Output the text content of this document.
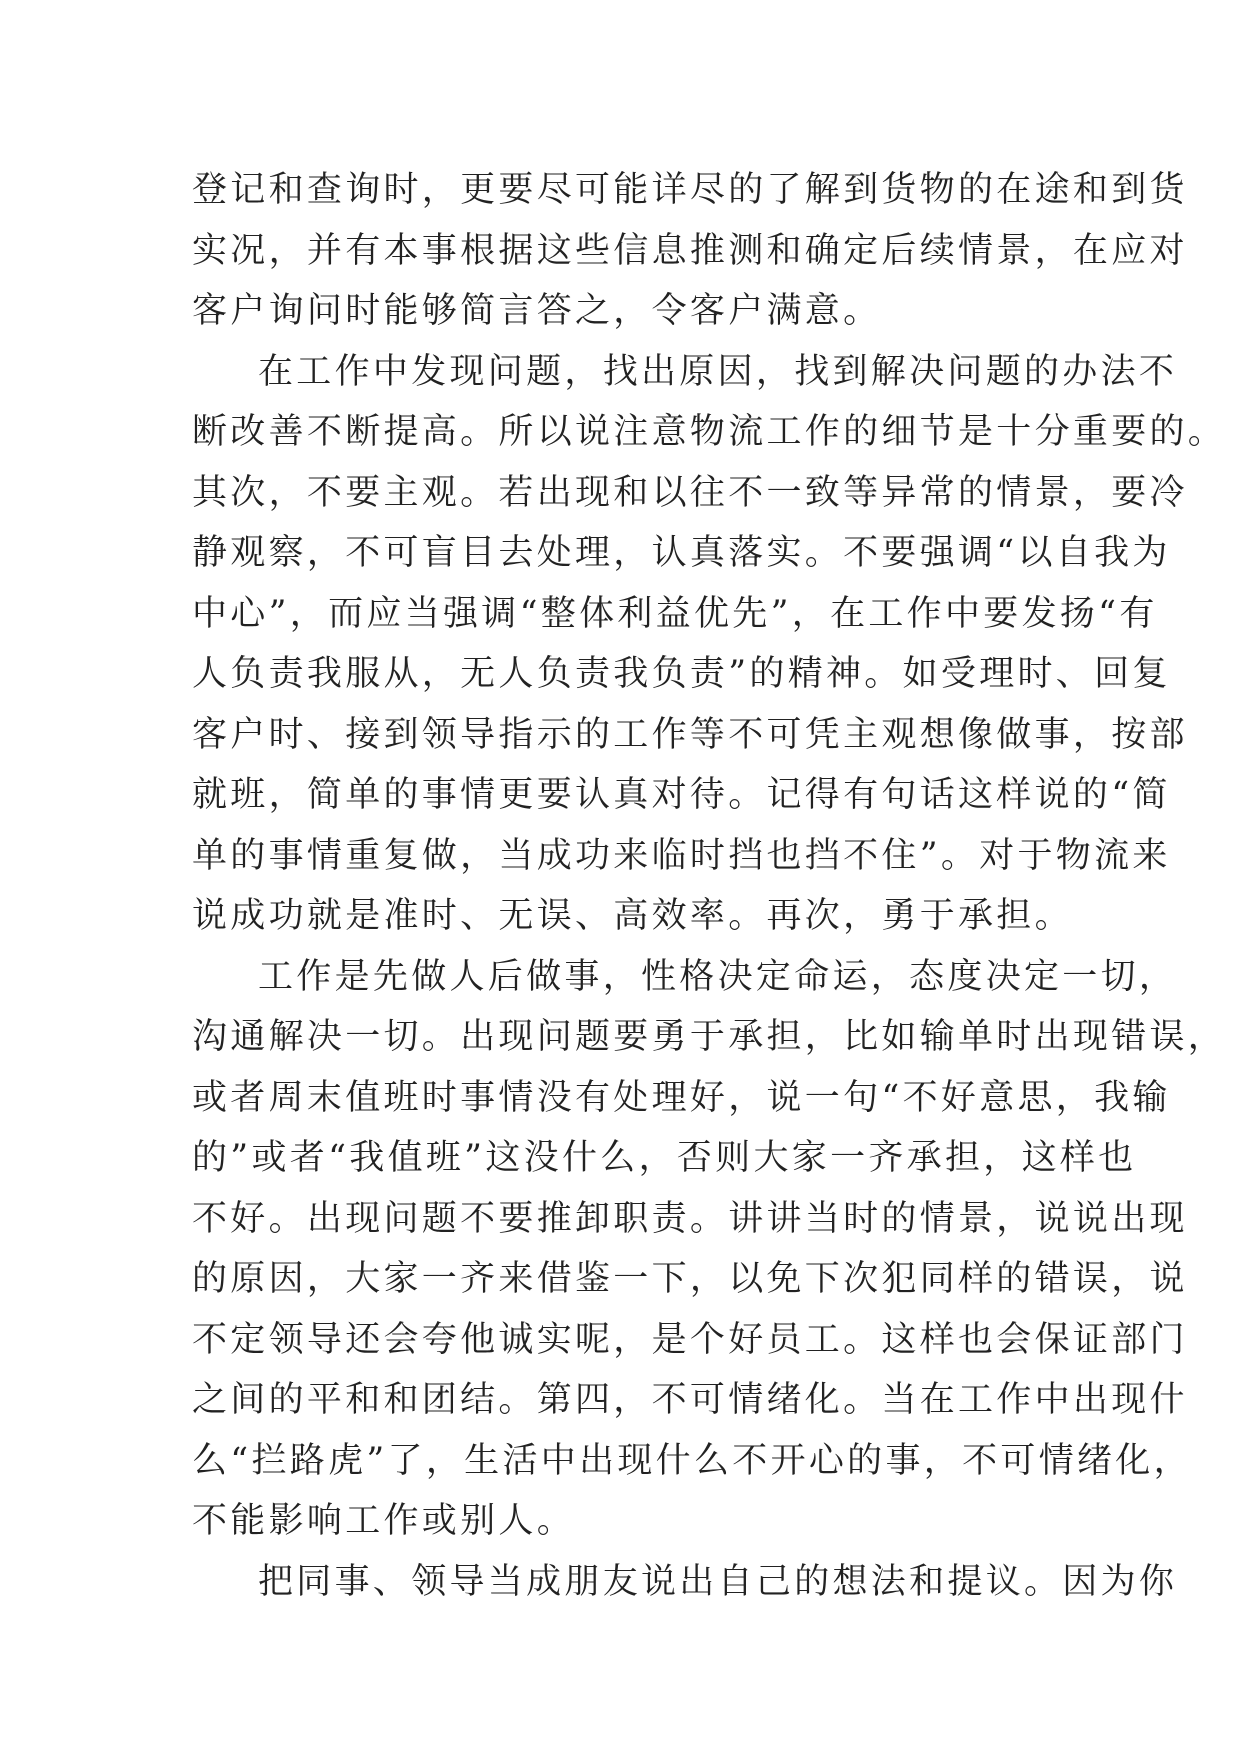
登记和查询时，更要尽可能详尽的了解到货物的在途和到货
实况，并有本事根据这些信息推测和确定后续情景，在应对
客户询问时能够简言答之，令客户满意。
在工作中发现问题，找出原因，找到解决问题的办法不
断改善不断提高。所以说注意物流工作的细节是十分重要的。
其次，不要主观。若出现和以往不一致等异常的情景，要冷
静观察，不可盲目去处理，认真落实。不要强调“以自我为
中心”，而应当强调“整体利益优先”，在工作中要发扬“有
人负责我服从，无人负责我负责”的精神。如受理时、回复
客户时、接到领导指示的工作等不可凭主观想像做事，按部
就班，简单的事情更要认真对待。记得有句话这样说的“简
单的事情重复做，当成功来临时挡也挡不住”。对于物流来
说成功就是准时、无误、高效率。再次，勇于承担。
工作是先做人后做事，性格决定命运，态度决定一切，
沟通解决一切。出现问题要勇于承担，比如输单时出现错误，
或者周末值班时事情没有处理好，说一句“不好意思，我输
的”或者“我值班”这没什么，否则大家一齐承担，这样也
不好。出现问题不要推卸职责。讲讲当时的情景，说说出现
的原因，大家一齐来借鉴一下，以免下次犯同样的错误，说
不定领导还会夸他诚实呢，是个好员工。这样也会保证部门
之间的平和和团结。第四，不可情绪化。当在工作中出现什
么“拦路虎”了，生活中出现什么不开心的事，不可情绪化，
不能影响工作或别人。
把同事、领导当成朋友说出自己的想法和提议。因为你
